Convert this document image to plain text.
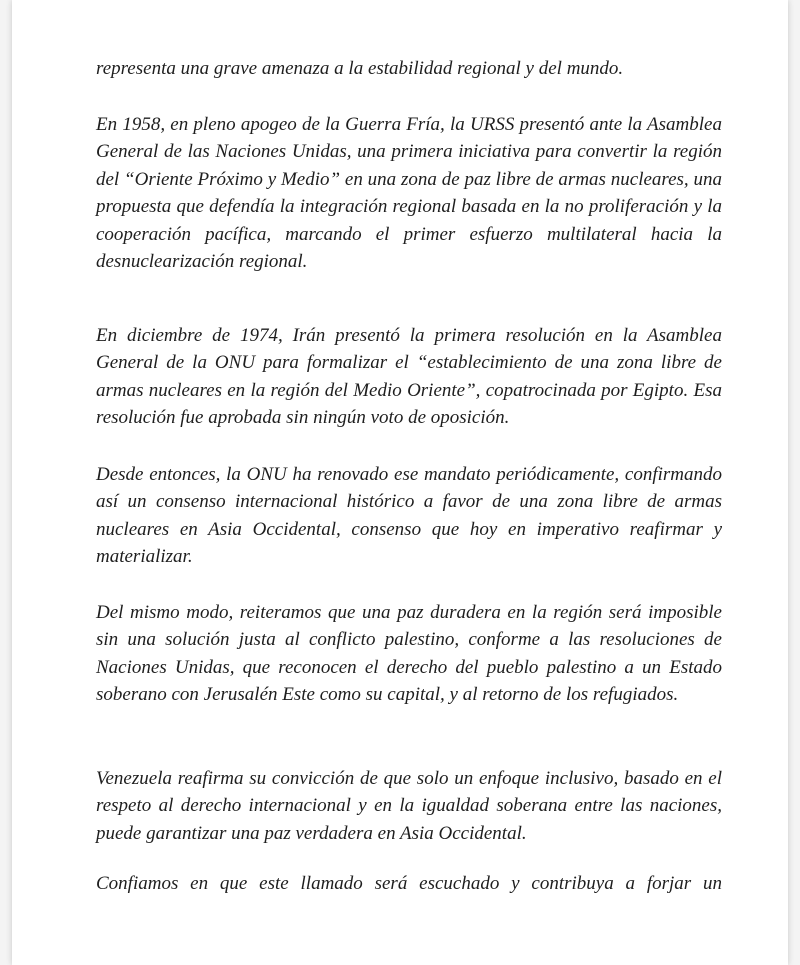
representa una grave amenaza a la estabilidad regional y del mundo.

En 1958, en pleno apogeo de la Guerra Fría, la URSS presentó ante la Asamblea General de las Naciones Unidas, una primera iniciativa para convertir la región del “Oriente Próximo y Medio” en una zona de paz libre de armas nucleares, una propuesta que defendía la integración regional basada en la no proliferación y la cooperación pacífica, marcando el primer esfuerzo multilateral hacia la desnuclearización regional.

En diciembre de 1974, Irán presentó la primera resolución en la Asamblea General de la ONU para formalizar el “establecimiento de una zona libre de armas nucleares en la región del Medio Oriente”, copatrocinada por Egipto. Esa resolución fue aprobada sin ningún voto de oposición.

Desde entonces, la ONU ha renovado ese mandato periódicamente, confirmando así un consenso internacional histórico a favor de una zona libre de armas nucleares en Asia Occidental, consenso que hoy en imperativo reafirmar y materializar.

Del mismo modo, reiteramos que una paz duradera en la región será imposible sin una solución justa al conflicto palestino, conforme a las resoluciones de Naciones Unidas, que reconocen el derecho del pueblo palestino a un Estado soberano con Jerusalén Este como su capital, y al retorno de los refugiados.

Venezuela reafirma su convicción de que solo un enfoque inclusivo, basado en el respeto al derecho internacional y en la igualdad soberana entre las naciones, puede garantizar una paz verdadera en Asia Occidental.

Confiamos en que este llamado será escuchado y contribuya a forjar un
